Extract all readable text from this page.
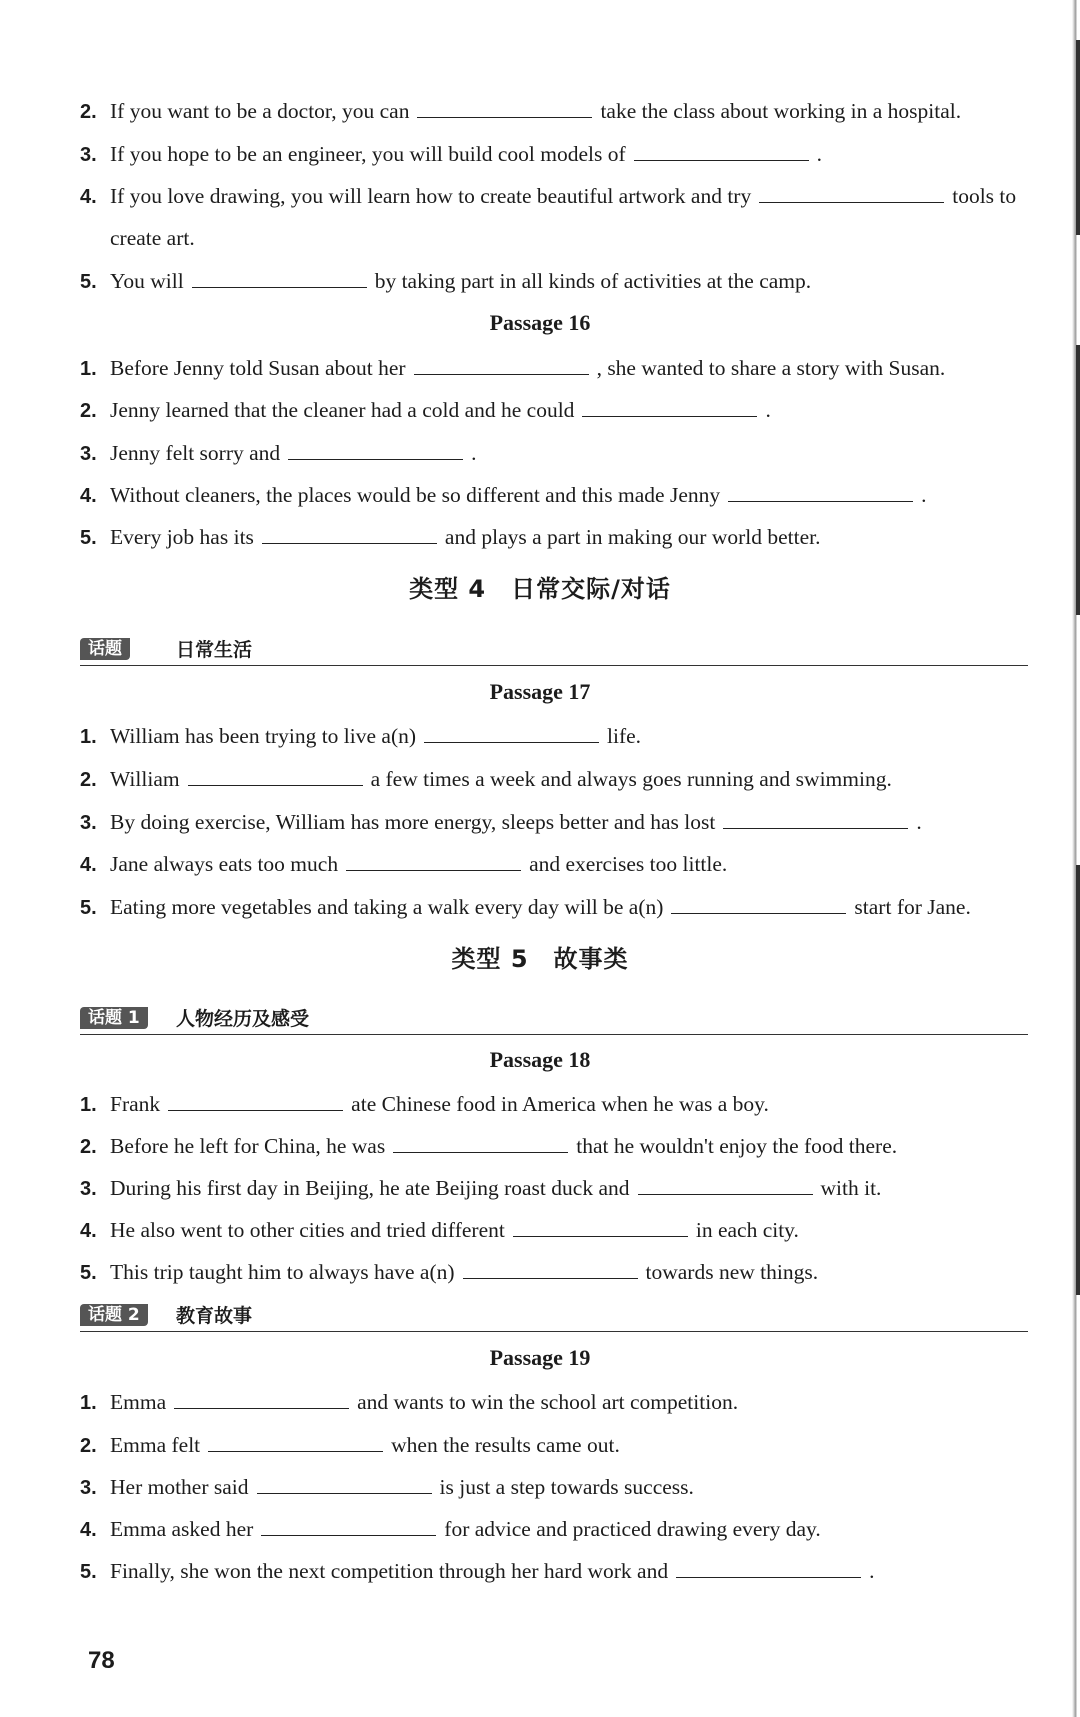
2. If you want to be a doctor, you can	take the class about working in a hospital.
3. If you hope to be an engineer, you will build cool models of	.
4. If you love drawing, you will learn how to create beautiful artwork and try	tools to
create art.
5. You will	by taking part in all kinds of activities at the camp.
Passage 16
1. Before Jenny told Susan about her	, she wanted to share a story with Susan.
2. Jenny learned that the cleaner had a cold and he could	.
3. Jenny felt sorry and	.
4. Without cleaners, the places would be so different and this made Jenny	.
5. Every job has its	and plays a part in making our world better.
类型 4　日常交际/对话
话题	日常生活
Passage 17
1. William has been trying to live a(n)	life.
2. William	a few times a week and always goes running and swimming.
3. By doing exercise, William has more energy, sleeps better and has lost	.
4. Jane always eats too much	and exercises too little.
5. Eating more vegetables and taking a walk every day will be a(n)	start for Jane.
类型 5　故事类
话题 1	人物经历及感受
Passage 18
1. Frank	ate Chinese food in America when he was a boy.
2. Before he left for China, he was	that he wouldn't enjoy the food there.
3. During his first day in Beijing, he ate Beijing roast duck and	with it.
4. He also went to other cities and tried different	in each city.
5. This trip taught him to always have a(n)	towards new things.
话题 2	教育故事
Passage 19
1. Emma	and wants to win the school art competition.
2. Emma felt	when the results came out.
3. Her mother said	is just a step towards success.
4. Emma asked her	for advice and practiced drawing every day.
5. Finally, she won the next competition through her hard work and	.
78
